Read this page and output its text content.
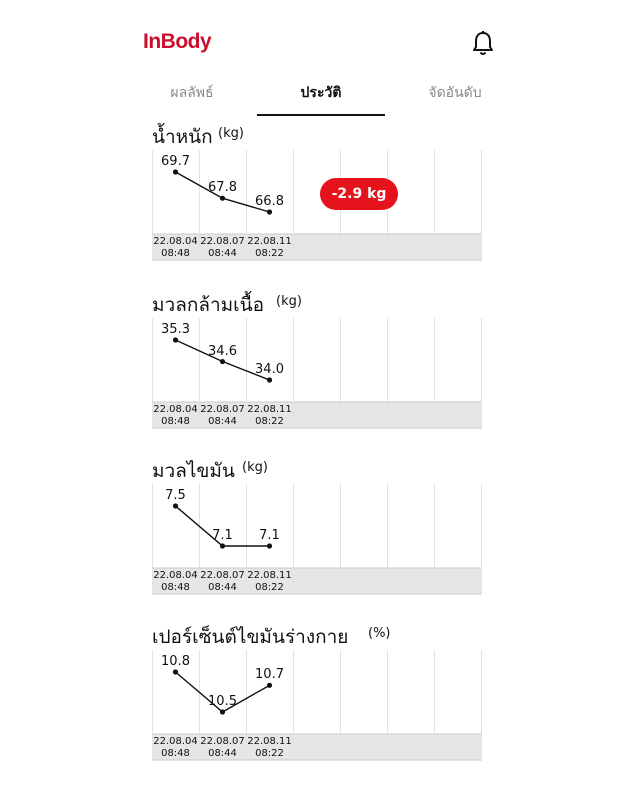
InBody
ผลลัพธ์	ประวัติ	จัดอันดับ
น้ำหนัก (kg)
69.7
67.8
66.8
22.08.04
08:48
22.08.07
08:44
22.08.11
08:22
-2.9 kg
มวลกล้ามเนื้อ (kg)
35.3
34.6
34.0
22.08.04
08:48
22.08.07
08:44
22.08.11
08:22
มวลไขมัน (kg)
7.5
7.1 7.1
22.08.04
08:48
22.08.07
08:44
22.08.11
08:22
เปอร์เซ็นต์ไขมันร่างกาย (%)
10.8
10.5
10.7
22.08.04
08:48
22.08.07
08:44
22.08.11
08:22
